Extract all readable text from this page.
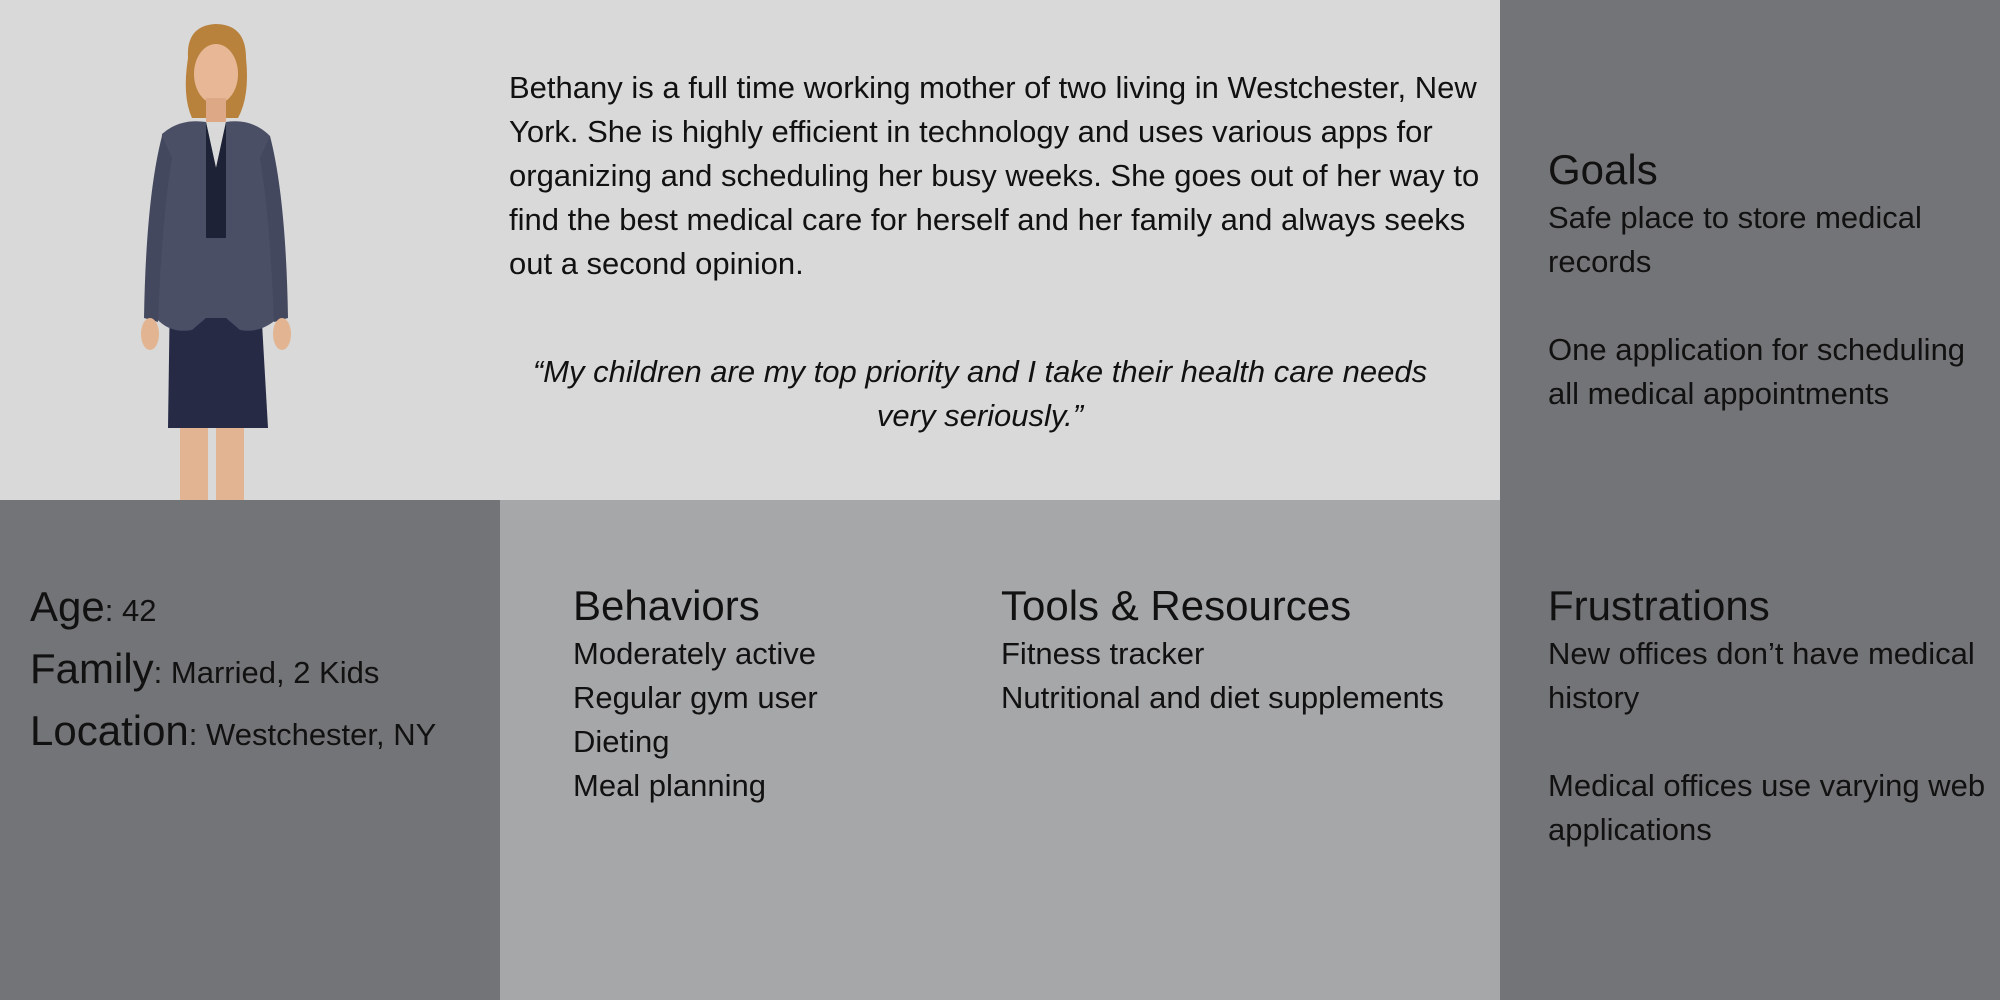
Bethany is a full time working mother of two living in Westchester, New York. She is highly efficient in technology and uses various apps for organizing and scheduling her busy weeks. She goes out of her way to find the best medical care for herself and her family and always seeks out a second opinion.

“My children are my top priority and I take their health care needs very seriously.”

Age: 42
Family: Married, 2 Kids
Location: Westchester, NY
Behaviors
Moderately active
Regular gym user
Dieting
Meal planning
Tools & Resources
Fitness tracker
Nutritional and diet supplements
Goals
Safe place to store medical records
One application for scheduling all medical appointments
Frustrations
New offices don’t have medical history
Medical offices use varying web applications
